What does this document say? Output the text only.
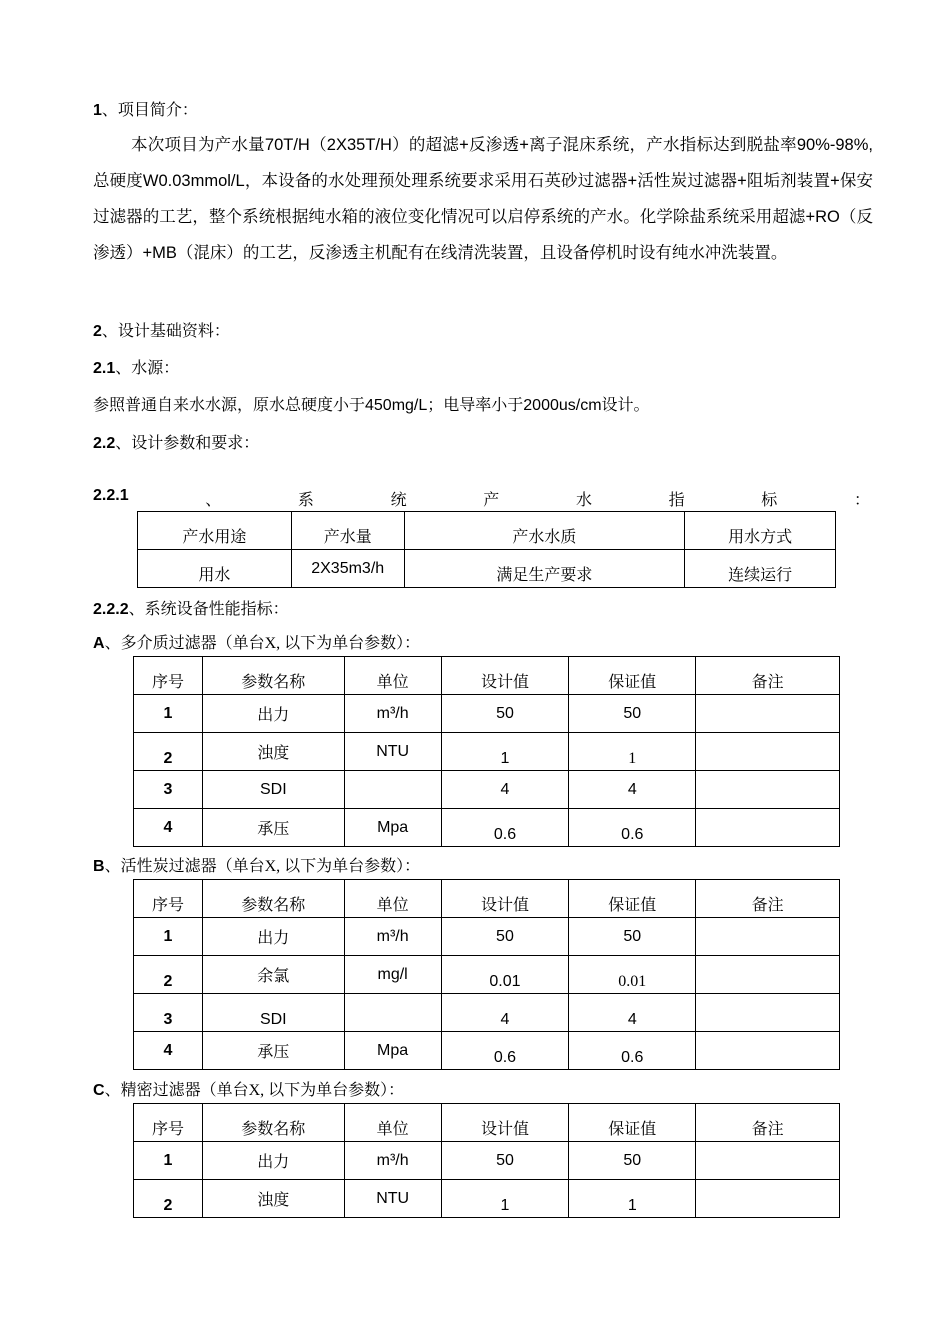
1、项目简介：
本次项目为产水量70T/H（2X35T/H）的超滤+反渗透+离子混床系统，产水指标达到脱盐率90%-98%, 总硬度W0.03mmol/L，本设备的水处理预处理系统要求采用石英砂过滤器+活性炭过滤器+阻垢剂装置+保安过滤器的工艺，整个系统根据纯水箱的液位变化情况可以启停系统的产水。化学除盐系统采用超滤+RO（反渗透）+MB（混床）的工艺，反渗透主机配有在线清洗装置，且设备停机时设有纯水冲洗装置。
2、设计基础资料：
2.1、水源：
参照普通自来水水源，原水总硬度小于450mg/L；电导率小于2000us/cm设计。
2.2、设计参数和要求：
2.2.1	、	系	统	产	水	指	标	：
产水用途	产水量	产水水质	用水方式
用水	2X35m3/h	满足生产要求	连续运行
2.2.2、系统设备性能指标：
A、多介质过滤器（单台X, 以下为单台参数）：
序号	参数名称	单位	设计值	保证值	备注
1	出力	m³/h	50	50	
2	浊度	NTU	1	1	
3	SDI		4	4	
4	承压	Mpa	0.6	0.6	
B、活性炭过滤器（单台X, 以下为单台参数）：
序号	参数名称	单位	设计值	保证值	备注
1	出力	m³/h	50	50	
2	余氯	mg/l	0.01	0.01	
3	SDI		4	4	
4	承压	Mpa	0.6	0.6	
C、精密过滤器（单台X, 以下为单台参数）：
序号	参数名称	单位	设计值	保证值	备注
1	出力	m³/h	50	50	
2	浊度	NTU	1	1	
